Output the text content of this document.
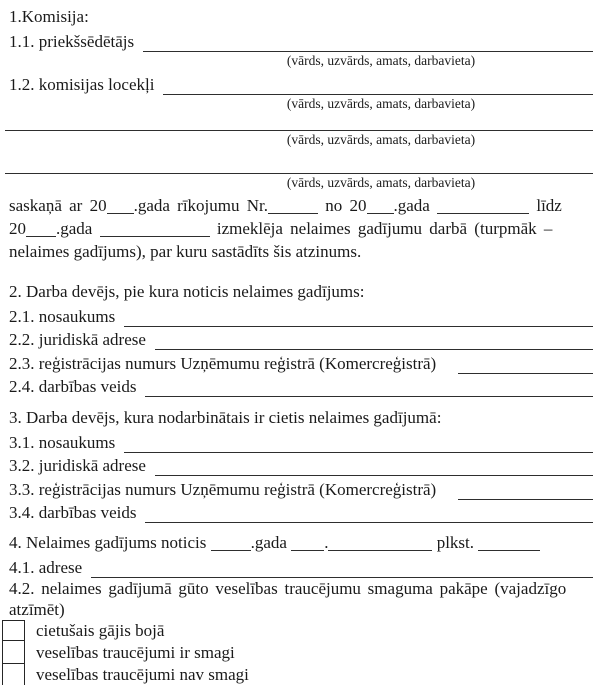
1.Komisija:
1.1. priekšsēdētājs
(vārds, uzvārds, amats, darbavieta)
1.2. komisijas locekļi
(vārds, uzvārds, amats, darbavieta)
(vārds, uzvārds, amats, darbavieta)
(vārds, uzvārds, amats, darbavieta)
saskaņā ar 20 .gada rīkojumu Nr.	no 20 .gada	līdz
20 .gada	izmeklēja nelaimes gadījumu darbā (turpmāk –
nelaimes gadījums), par kuru sastādīts šis atzinums.
2. Darba devējs, pie kura noticis nelaimes gadījums:
2.1. nosaukums
2.2. juridiskā adrese
2.3. reģistrācijas numurs Uzņēmumu reģistrā (Komercreģistrā)
2.4. darbības veids
3. Darba devējs, kura nodarbinātais ir cietis nelaimes gadījumā:
3.1. nosaukums
3.2. juridiskā adrese
3.3. reģistrācijas numurs Uzņēmumu reģistrā (Komercreģistrā)
3.4. darbības veids
4. Nelaimes gadījums noticis .gada .	plkst.
4.1. adrese
4.2. nelaimes gadījumā gūto veselības traucējumu smaguma pakāpe (vajadzīgo
atzīmēt)
cietušais gājis bojā
veselības traucējumi ir smagi
veselības traucējumi nav smagi
